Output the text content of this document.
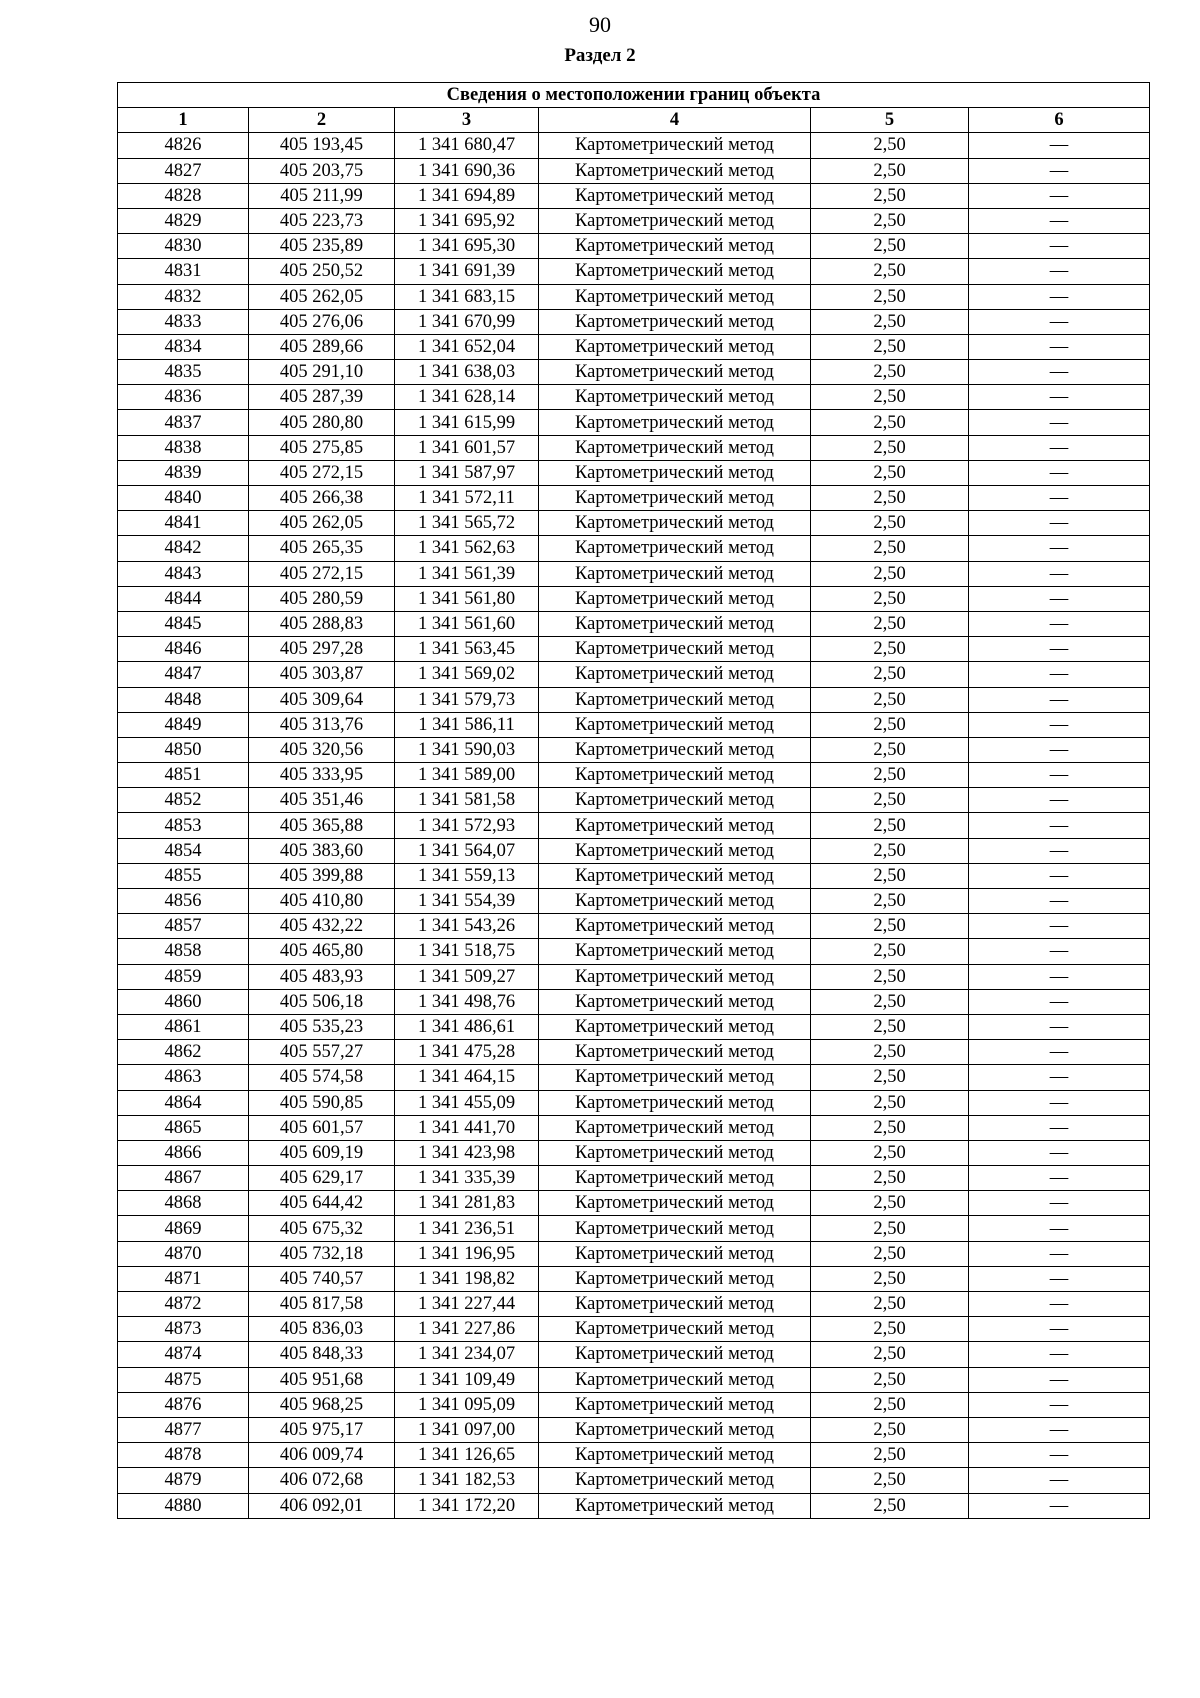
90
Раздел 2
Сведения о местоположении границ объекта					
1	2	3	4	5	6
4826	405 193,45	1 341 680,47	Картометрический метод	2,50	—
4827	405 203,75	1 341 690,36	Картометрический метод	2,50	—
4828	405 211,99	1 341 694,89	Картометрический метод	2,50	—
4829	405 223,73	1 341 695,92	Картометрический метод	2,50	—
4830	405 235,89	1 341 695,30	Картометрический метод	2,50	—
4831	405 250,52	1 341 691,39	Картометрический метод	2,50	—
4832	405 262,05	1 341 683,15	Картометрический метод	2,50	—
4833	405 276,06	1 341 670,99	Картометрический метод	2,50	—
4834	405 289,66	1 341 652,04	Картометрический метод	2,50	—
4835	405 291,10	1 341 638,03	Картометрический метод	2,50	—
4836	405 287,39	1 341 628,14	Картометрический метод	2,50	—
4837	405 280,80	1 341 615,99	Картометрический метод	2,50	—
4838	405 275,85	1 341 601,57	Картометрический метод	2,50	—
4839	405 272,15	1 341 587,97	Картометрический метод	2,50	—
4840	405 266,38	1 341 572,11	Картометрический метод	2,50	—
4841	405 262,05	1 341 565,72	Картометрический метод	2,50	—
4842	405 265,35	1 341 562,63	Картометрический метод	2,50	—
4843	405 272,15	1 341 561,39	Картометрический метод	2,50	—
4844	405 280,59	1 341 561,80	Картометрический метод	2,50	—
4845	405 288,83	1 341 561,60	Картометрический метод	2,50	—
4846	405 297,28	1 341 563,45	Картометрический метод	2,50	—
4847	405 303,87	1 341 569,02	Картометрический метод	2,50	—
4848	405 309,64	1 341 579,73	Картометрический метод	2,50	—
4849	405 313,76	1 341 586,11	Картометрический метод	2,50	—
4850	405 320,56	1 341 590,03	Картометрический метод	2,50	—
4851	405 333,95	1 341 589,00	Картометрический метод	2,50	—
4852	405 351,46	1 341 581,58	Картометрический метод	2,50	—
4853	405 365,88	1 341 572,93	Картометрический метод	2,50	—
4854	405 383,60	1 341 564,07	Картометрический метод	2,50	—
4855	405 399,88	1 341 559,13	Картометрический метод	2,50	—
4856	405 410,80	1 341 554,39	Картометрический метод	2,50	—
4857	405 432,22	1 341 543,26	Картометрический метод	2,50	—
4858	405 465,80	1 341 518,75	Картометрический метод	2,50	—
4859	405 483,93	1 341 509,27	Картометрический метод	2,50	—
4860	405 506,18	1 341 498,76	Картометрический метод	2,50	—
4861	405 535,23	1 341 486,61	Картометрический метод	2,50	—
4862	405 557,27	1 341 475,28	Картометрический метод	2,50	—
4863	405 574,58	1 341 464,15	Картометрический метод	2,50	—
4864	405 590,85	1 341 455,09	Картометрический метод	2,50	—
4865	405 601,57	1 341 441,70	Картометрический метод	2,50	—
4866	405 609,19	1 341 423,98	Картометрический метод	2,50	—
4867	405 629,17	1 341 335,39	Картометрический метод	2,50	—
4868	405 644,42	1 341 281,83	Картометрический метод	2,50	—
4869	405 675,32	1 341 236,51	Картометрический метод	2,50	—
4870	405 732,18	1 341 196,95	Картометрический метод	2,50	—
4871	405 740,57	1 341 198,82	Картометрический метод	2,50	—
4872	405 817,58	1 341 227,44	Картометрический метод	2,50	—
4873	405 836,03	1 341 227,86	Картометрический метод	2,50	—
4874	405 848,33	1 341 234,07	Картометрический метод	2,50	—
4875	405 951,68	1 341 109,49	Картометрический метод	2,50	—
4876	405 968,25	1 341 095,09	Картометрический метод	2,50	—
4877	405 975,17	1 341 097,00	Картометрический метод	2,50	—
4878	406 009,74	1 341 126,65	Картометрический метод	2,50	—
4879	406 072,68	1 341 182,53	Картометрический метод	2,50	—
4880	406 092,01	1 341 172,20	Картометрический метод	2,50	—
